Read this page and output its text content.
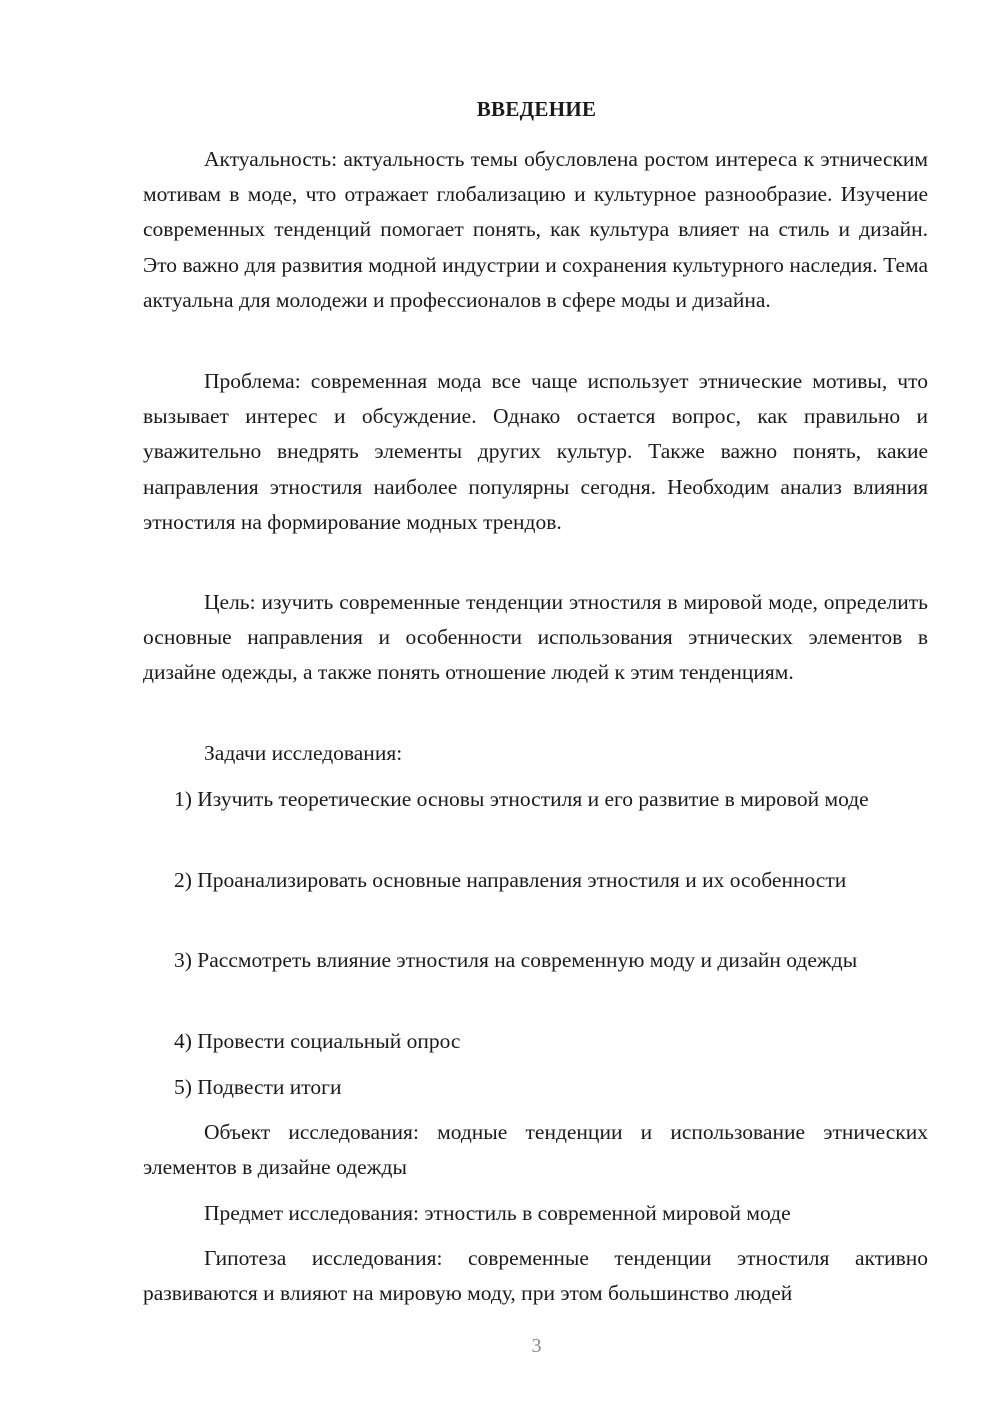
ВВЕДЕНИЕ

Актуальность: актуальность темы обусловлена ростом интереса к этническим мотивам в моде, что отражает глобализацию и культурное разнообразие. Изучение современных тенденций помогает понять, как культура влияет на стиль и дизайн. Это важно для развития модной индустрии и сохранения культурного наследия. Тема актуальна для молодежи и профессионалов в сфере моды и дизайна.

Проблема: современная мода все чаще использует этнические мотивы, что вызывает интерес и обсуждение. Однако остается вопрос, как правильно и уважительно внедрять элементы других культур. Также важно понять, какие направления этностиля наиболее популярны сегодня. Необходим анализ влияния этностиля на формирование модных трендов.

Цель: изучить современные тенденции этностиля в мировой моде, определить основные направления и особенности использования этнических элементов в дизайне одежды, а также понять отношение людей к этим тенденциям.

Задачи исследования:

1) Изучить теоретические основы этностиля и его развитие в мировой моде

2) Проанализировать основные направления этностиля и их особенности

3) Рассмотреть влияние этностиля на современную моду и дизайн одежды

4) Провести социальный опрос

5) Подвести итоги

Объект исследования: модные тенденции и использование этнических элементов в дизайне одежды

Предмет исследования: этностиль в современной мировой моде

Гипотеза исследования: современные тенденции этностиля активно развиваются и влияют на мировую моду, при этом большинство людей

3
